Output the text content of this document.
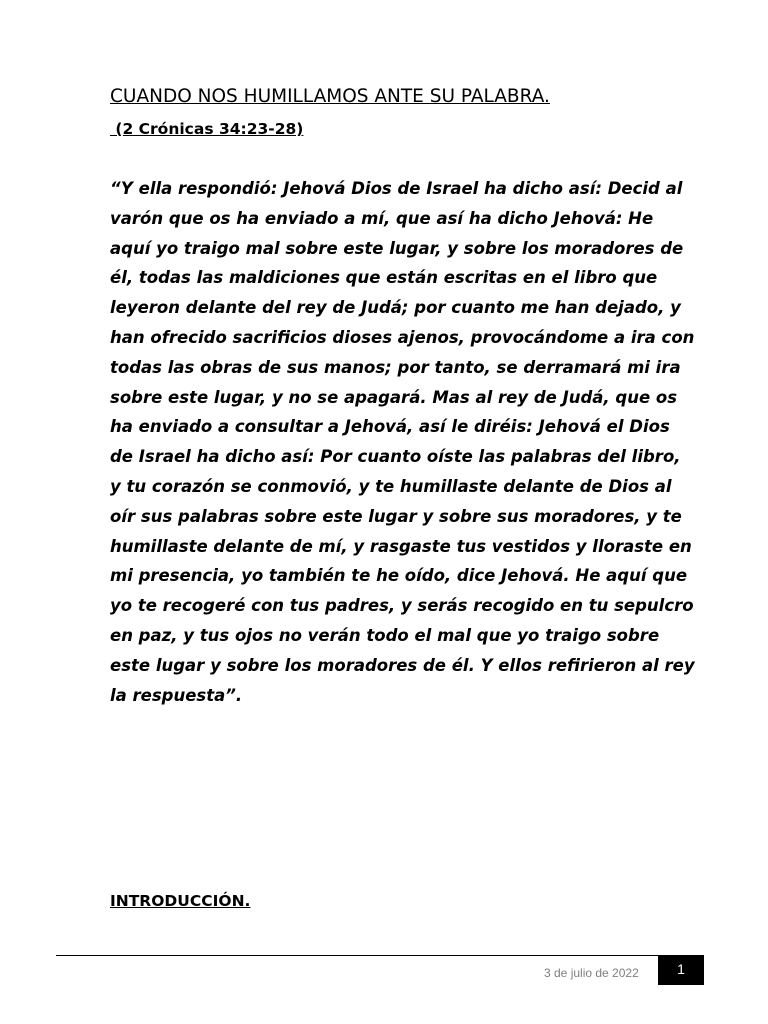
CUANDO NOS HUMILLAMOS ANTE SU PALABRA.
(2 Crónicas 34:23-28)
“Y ella respondió: Jehová Dios de Israel ha dicho así: Decid al
varón que os ha enviado a mí, que así ha dicho Jehová: He
aquí yo traigo mal sobre este lugar, y sobre los moradores de
él, todas las maldiciones que están escritas en el libro que
leyeron delante del rey de Judá; por cuanto me han dejado, y
han ofrecido sacrificios dioses ajenos, provocándome a ira con
todas las obras de sus manos; por tanto, se derramará mi ira
sobre este lugar, y no se apagará. Mas al rey de Judá, que os
ha enviado a consultar a Jehová, así le diréis: Jehová el Dios
de Israel ha dicho así: Por cuanto oíste las palabras del libro,
y tu corazón se conmovió, y te humillaste delante de Dios al
oír sus palabras sobre este lugar y sobre sus moradores, y te
humillaste delante de mí, y rasgaste tus vestidos y lloraste en
mi presencia, yo también te he oído, dice Jehová. He aquí que
yo te recogeré con tus padres, y serás recogido en tu sepulcro
en paz, y tus ojos no verán todo el mal que yo traigo sobre
este lugar y sobre los moradores de él. Y ellos refirieron al rey
la respuesta”.
INTRODUCCIÓN.
3 de julio de 2022	1
